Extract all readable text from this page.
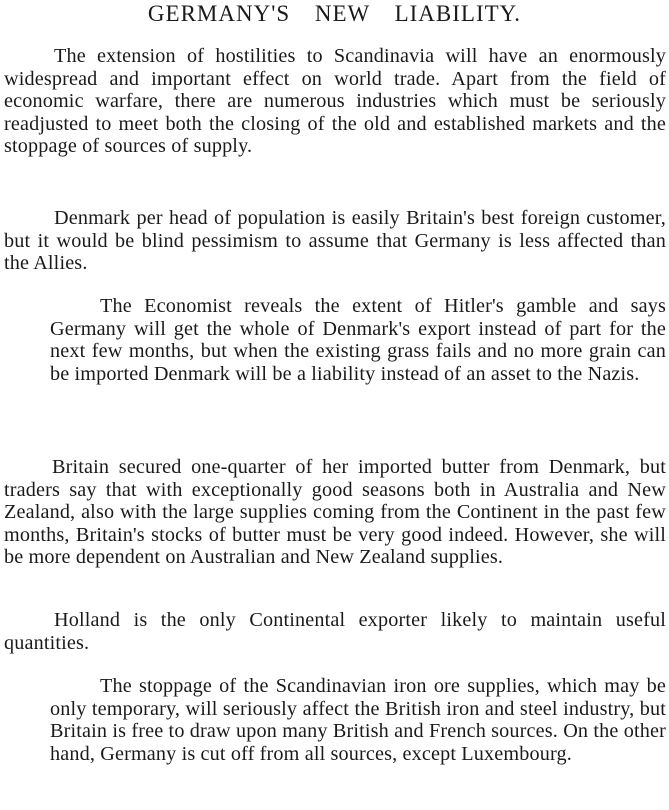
GERMANY'S NEW LIABILITY.

The extension of hostilities to Scandinavia will have an enormously widespread and important effect on world trade. Apart from the field of economic warfare, there are numerous industries which must be seriously readjusted to meet both the closing of the old and established markets and the stoppage of sources of supply.

Denmark per head of population is easily Britain's best foreign customer, but it would be blind pessimism to assume that Germany is less affected than the Allies.

The Economist reveals the extent of Hitler's gamble and says Germany will get the whole of Denmark's export instead of part for the next few months, but when the existing grass fails and no more grain can be imported Denmark will be a liability instead of an asset to the Nazis.

Britain secured one-quarter of her imported butter from Denmark, but traders say that with exceptionally good seasons both in Australia and New Zealand, also with the large supplies coming from the Continent in the past few months, Britain's stocks of butter must be very good indeed. However, she will be more dependent on Australian and New Zealand supplies.

Holland is the only Continental exporter likely to maintain useful quantities.

The stoppage of the Scandinavian iron ore supplies, which may be only temporary, will seriously affect the British iron and steel industry, but Britain is free to draw upon many British and French sources. On the other hand, Germany is cut off from all sources, except Luxembourg.
